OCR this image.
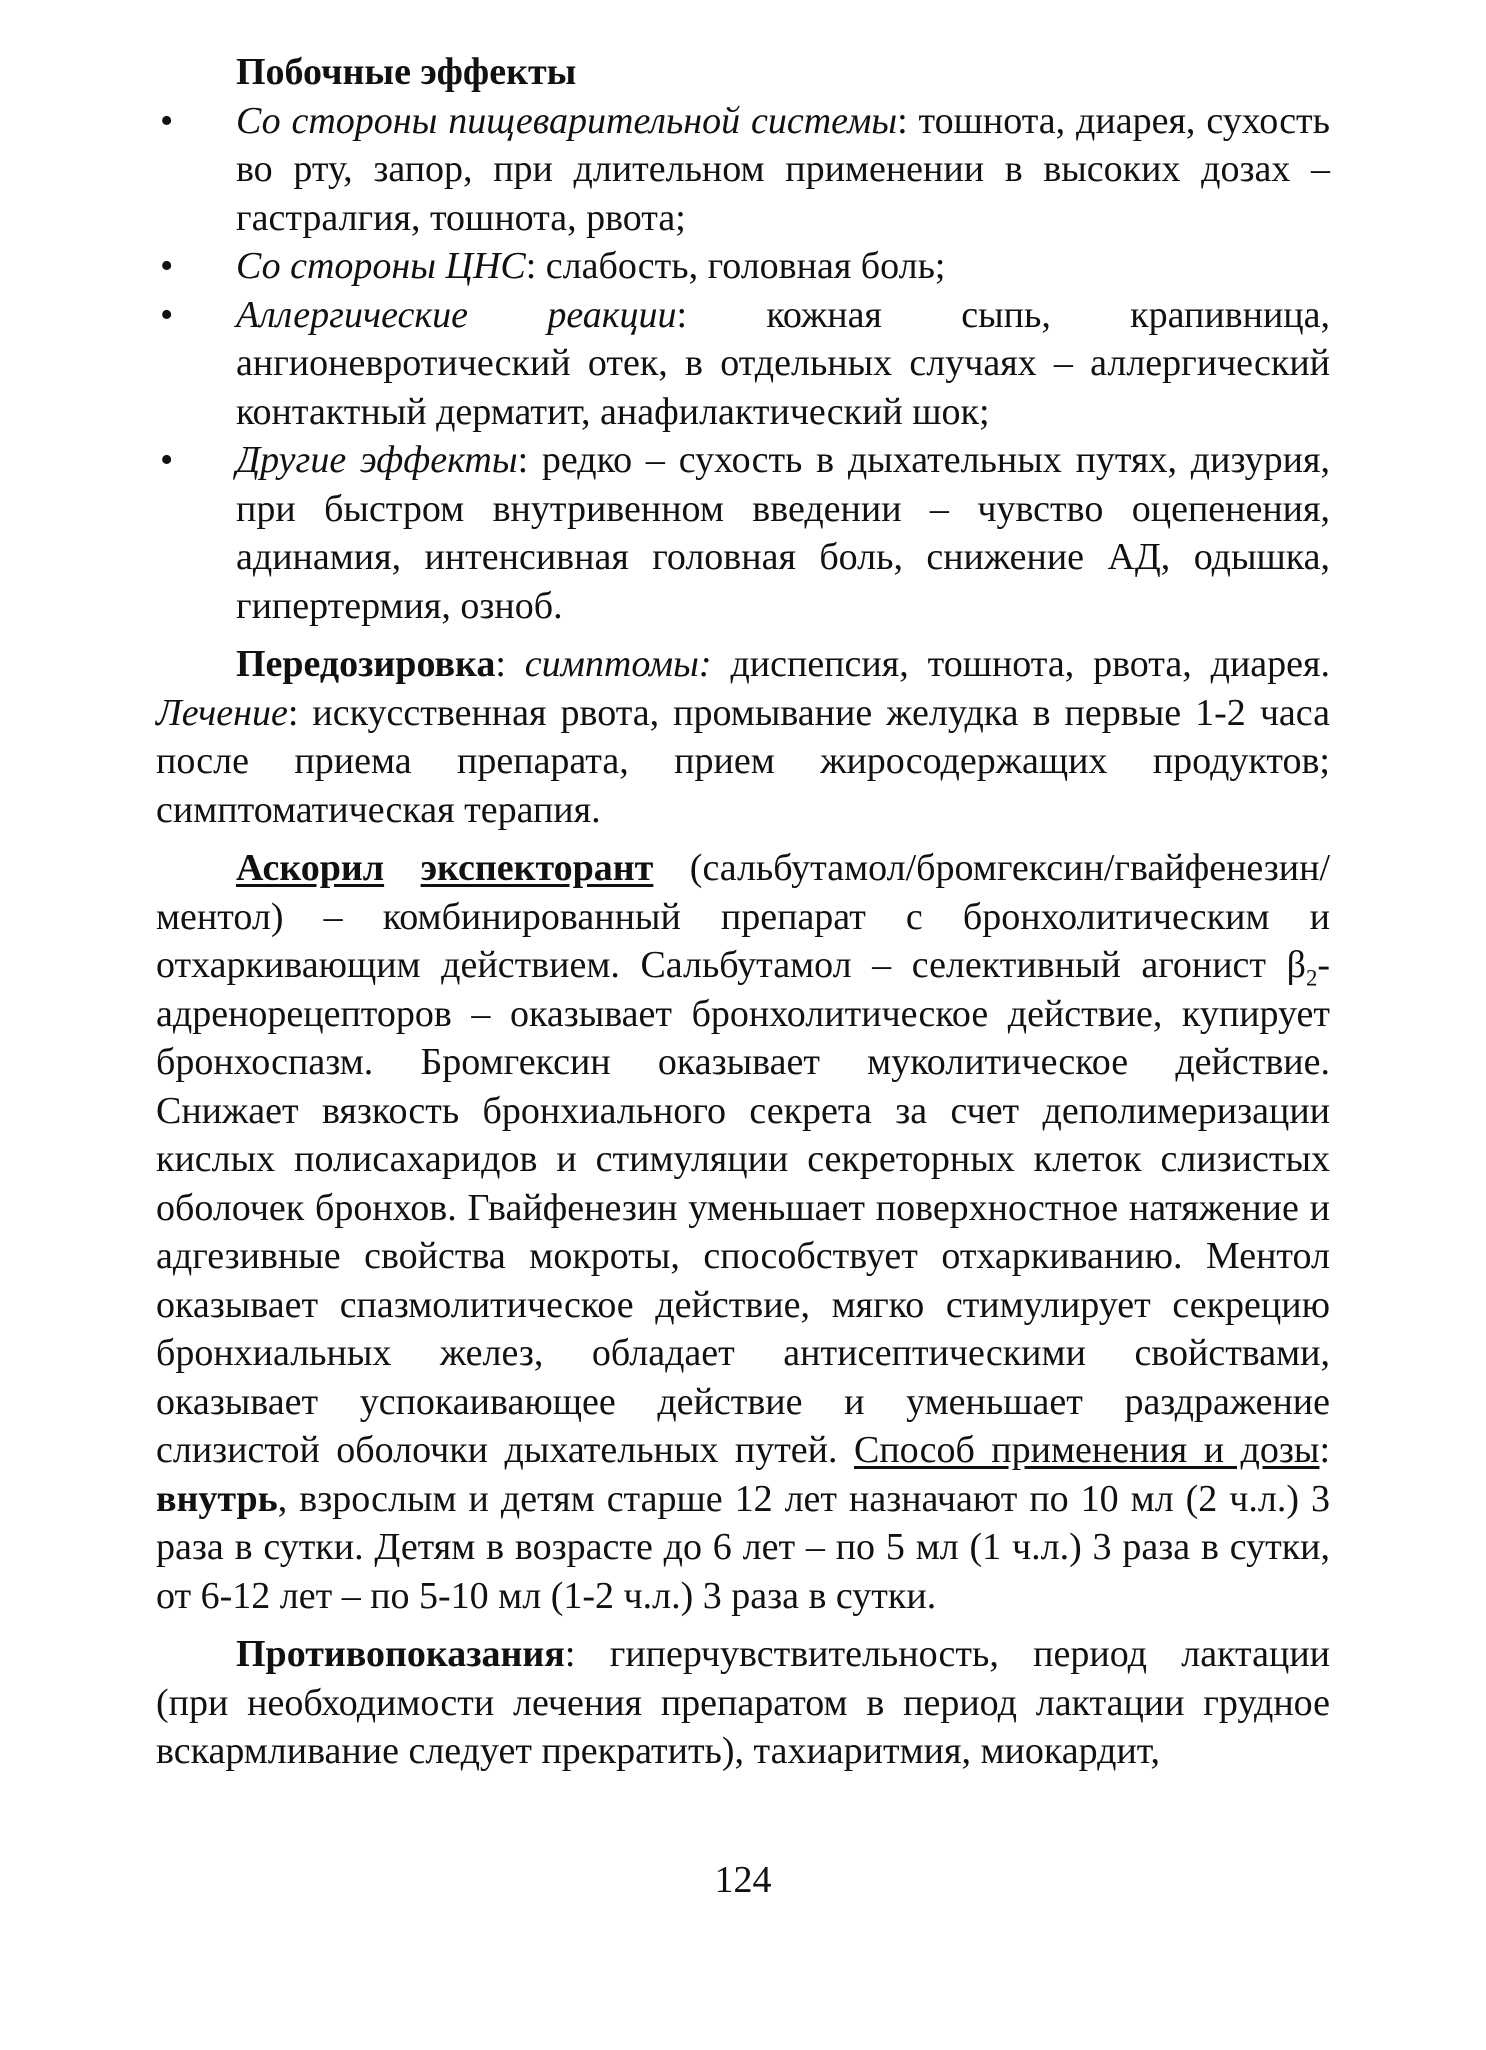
Побочные эффекты

• Со стороны пищеварительной системы: тошнота, диарея, сухость во рту, запор, при длительном применении в высоких дозах – гастралгия, тошнота, рвота;
• Со стороны ЦНС: слабость, головная боль;
• Аллергические реакции: кожная сыпь, крапивница, ангионевротический отек, в отдельных случаях – аллергический контактный дерматит, анафилактический шок;
• Другие эффекты: редко – сухость в дыхательных путях, дизурия, при быстром внутривенном введении – чувство оцепенения, адинамия, интенсивная головная боль, снижение АД, одышка, гипертермия, озноб.

Передозировка: симптомы: диспепсия, тошнота, рвота, диарея. Лечение: искусственная рвота, промывание желудка в первые 1-2 часа после приема препарата, прием жиросодержащих продуктов; симптоматическая терапия.

Аскорил экспекторант (сальбутамол/бромгексин/гвайфенезин/ментол) – комбинированный препарат с бронхолитическим и отхаркивающим действием. Сальбутамол – селективный агонист $\beta_2$-адренорецепторов – оказывает бронхолитическое действие, купирует бронхоспазм. Бромгексин оказывает муколитическое действие. Снижает вязкость бронхиального секрета за счет деполимеризации кислых полисахаридов и стимуляции секреторных клеток слизистых оболочек бронхов. Гвайфенезин уменьшает поверхностное натяжение и адгезивные свойства мокроты, способствует отхаркиванию. Ментол оказывает спазмолитическое действие, мягко стимулирует секрецию бронхиальных желез, обладает антисептическими свойствами, оказывает успокаивающее действие и уменьшает раздражение слизистой оболочки дыхательных путей. Способ применения и дозы: внутрь, взрослым и детям старше 12 лет назначают по 10 мл (2 ч.л.) 3 раза в сутки. Детям в возрасте до 6 лет – по 5 мл (1 ч.л.) 3 раза в сутки, от 6-12 лет – по 5-10 мл (1-2 ч.л.) 3 раза в сутки.

Противопоказания: гиперчувствительность, период лактации (при необходимости лечения препаратом в период лактации грудное вскармливание следует прекратить), тахиаритмия, миокардит,

124
